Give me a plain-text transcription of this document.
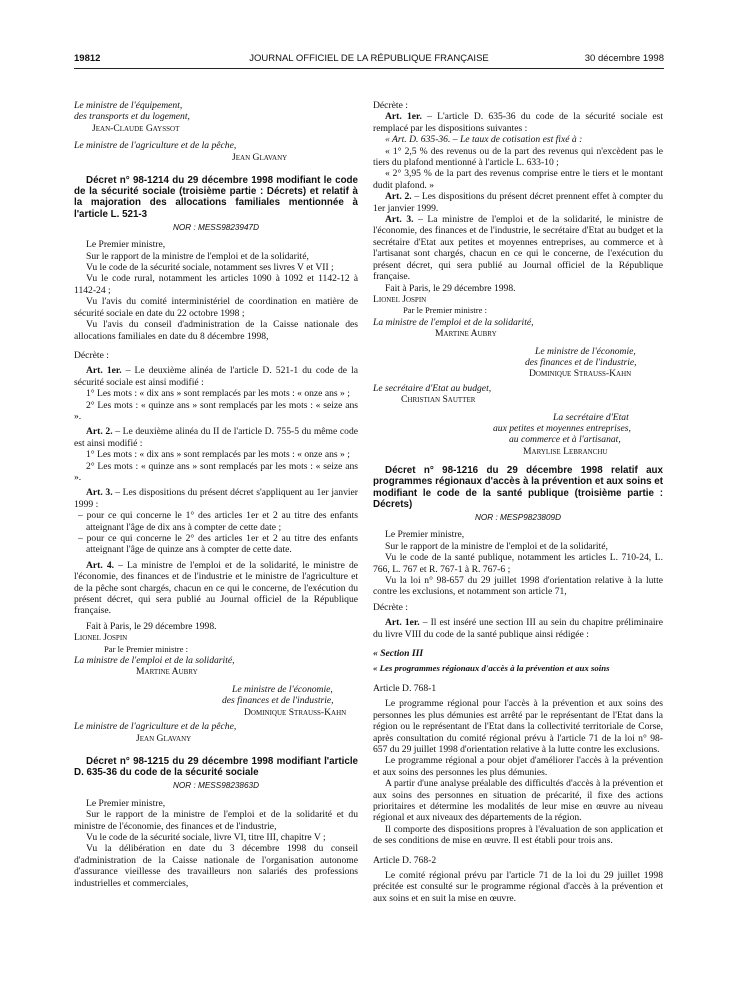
19812	JOURNAL OFFICIEL DE LA RÉPUBLIQUE FRANÇAISE	30 décembre 1998

Le ministre de l'équipement,

des transports et du logement,

Jean-Claude Gayssot

Le ministre de l'agriculture et de la pêche,

Jean Glavany

Décret n° 98-1214 du 29 décembre 1998 modifiant le code de la sécurité sociale (troisième partie : Décrets) et relatif à la majoration des allocations familiales mentionnée à l'article L. 521-3

NOR : MESS9823947D

Le Premier ministre,

Sur le rapport de la ministre de l'emploi et de la solidarité,

Vu le code de la sécurité sociale, notamment ses livres V et VII ;

Vu le code rural, notamment les articles 1090 à 1092 et 1142-12 à 1142-24 ;

Vu l'avis du comité interministériel de coordination en matière de sécurité sociale en date du 22 octobre 1998 ;

Vu l'avis du conseil d'administration de la Caisse nationale des allocations familiales en date du 8 décembre 1998,

Décrète :

Art. 1er. – Le deuxième alinéa de l'article D. 521-1 du code de la sécurité sociale est ainsi modifié :

1° Les mots : « dix ans » sont remplacés par les mots : « onze ans » ;

2° Les mots : « quinze ans » sont remplacés par les mots : « seize ans ».

Art. 2. – Le deuxième alinéa du II de l'article D. 755-5 du même code est ainsi modifié :

1° Les mots : « dix ans » sont remplacés par les mots : « onze ans » ;

2° Les mots : « quinze ans » sont remplacés par les mots : « seize ans ».

Art. 3. – Les dispositions du présent décret s'appliquent au 1er janvier 1999 :

– pour ce qui concerne le 1° des articles 1er et 2 au titre des enfants atteignant l'âge de dix ans à compter de cette date ;

– pour ce qui concerne le 2° des articles 1er et 2 au titre des enfants atteignant l'âge de quinze ans à compter de cette date.

Art. 4. – La ministre de l'emploi et de la solidarité, le ministre de l'économie, des finances et de l'industrie et le ministre de l'agriculture et de la pêche sont chargés, chacun en ce qui le concerne, de l'exécution du présent décret, qui sera publié au Journal officiel de la République française.

Fait à Paris, le 29 décembre 1998.

Lionel Jospin

Par le Premier ministre :

La ministre de l'emploi et de la solidarité,

Martine Aubry

Le ministre de l'économie,

des finances et de l'industrie,

Dominique Strauss-Kahn

Le ministre de l'agriculture et de la pêche,

Jean Glavany

Décret n° 98-1215 du 29 décembre 1998 modifiant l'article D. 635-36 du code de la sécurité sociale

NOR : MESS9823863D

Le Premier ministre,

Sur le rapport de la ministre de l'emploi et de la solidarité et du ministre de l'économie, des finances et de l'industrie,

Vu le code de la sécurité sociale, livre VI, titre III, chapitre V ;

Vu la délibération en date du 3 décembre 1998 du conseil d'administration de la Caisse nationale de l'organisation autonome d'assurance vieillesse des travailleurs non salariés des professions industrielles et commerciales,

Décrète :

Art. 1er. – L'article D. 635-36 du code de la sécurité sociale est remplacé par les dispositions suivantes :

« Art. D. 635-36. – Le taux de cotisation est fixé à :

« 1° 2,5 % des revenus ou de la part des revenus qui n'excèdent pas le tiers du plafond mentionné à l'article L. 633-10 ;

« 2° 3,95 % de la part des revenus comprise entre le tiers et le montant dudit plafond. »

Art. 2. – Les dispositions du présent décret prennent effet à compter du 1er janvier 1999.

Art. 3. – La ministre de l'emploi et de la solidarité, le ministre de l'économie, des finances et de l'industrie, le secrétaire d'Etat au budget et la secrétaire d'Etat aux petites et moyennes entreprises, au commerce et à l'artisanat sont chargés, chacun en ce qui le concerne, de l'exécution du présent décret, qui sera publié au Journal officiel de la République française.

Fait à Paris, le 29 décembre 1998.

Lionel Jospin

Par le Premier ministre :

La ministre de l'emploi et de la solidarité,

Martine Aubry

Le ministre de l'économie,

des finances et de l'industrie,

Dominique Strauss-Kahn

Le secrétaire d'Etat au budget,

Christian Sautter

La secrétaire d'Etat

aux petites et moyennes entreprises,

au commerce et à l'artisanat,

Marylise Lebranchu

Décret n° 98-1216 du 29 décembre 1998 relatif aux programmes régionaux d'accès à la prévention et aux soins et modifiant le code de la santé publique (troisième partie : Décrets)

NOR : MESP9823809D

Le Premier ministre,

Sur le rapport de la ministre de l'emploi et de la solidarité,

Vu le code de la santé publique, notamment les articles L. 710-24, L. 766, L. 767 et R. 767-1 à R. 767-6 ;

Vu la loi n° 98-657 du 29 juillet 1998 d'orientation relative à la lutte contre les exclusions, et notamment son article 71,

Décrète :

Art. 1er. – Il est inséré une section III au sein du chapitre préliminaire du livre VIII du code de la santé publique ainsi rédigée :

« Section III

« Les programmes régionaux d'accès à la prévention et aux soins

Article D. 768-1

Le programme régional pour l'accès à la prévention et aux soins des personnes les plus démunies est arrêté par le représentant de l'Etat dans la région ou le représentant de l'Etat dans la collectivité territoriale de Corse, après consultation du comité régional prévu à l'article 71 de la loi n° 98-657 du 29 juillet 1998 d'orientation relative à la lutte contre les exclusions.

Le programme régional a pour objet d'améliorer l'accès à la prévention et aux soins des personnes les plus démunies.

A partir d'une analyse préalable des difficultés d'accès à la prévention et aux soins des personnes en situation de précarité, il fixe des actions prioritaires et détermine les modalités de leur mise en œuvre au niveau régional et aux niveaux des départements de la région.

Il comporte des dispositions propres à l'évaluation de son application et de ses conditions de mise en œuvre. Il est établi pour trois ans.

Article D. 768-2

Le comité régional prévu par l'article 71 de la loi du 29 juillet 1998 précitée est consulté sur le programme régional d'accès à la prévention et aux soins et en suit la mise en œuvre.
